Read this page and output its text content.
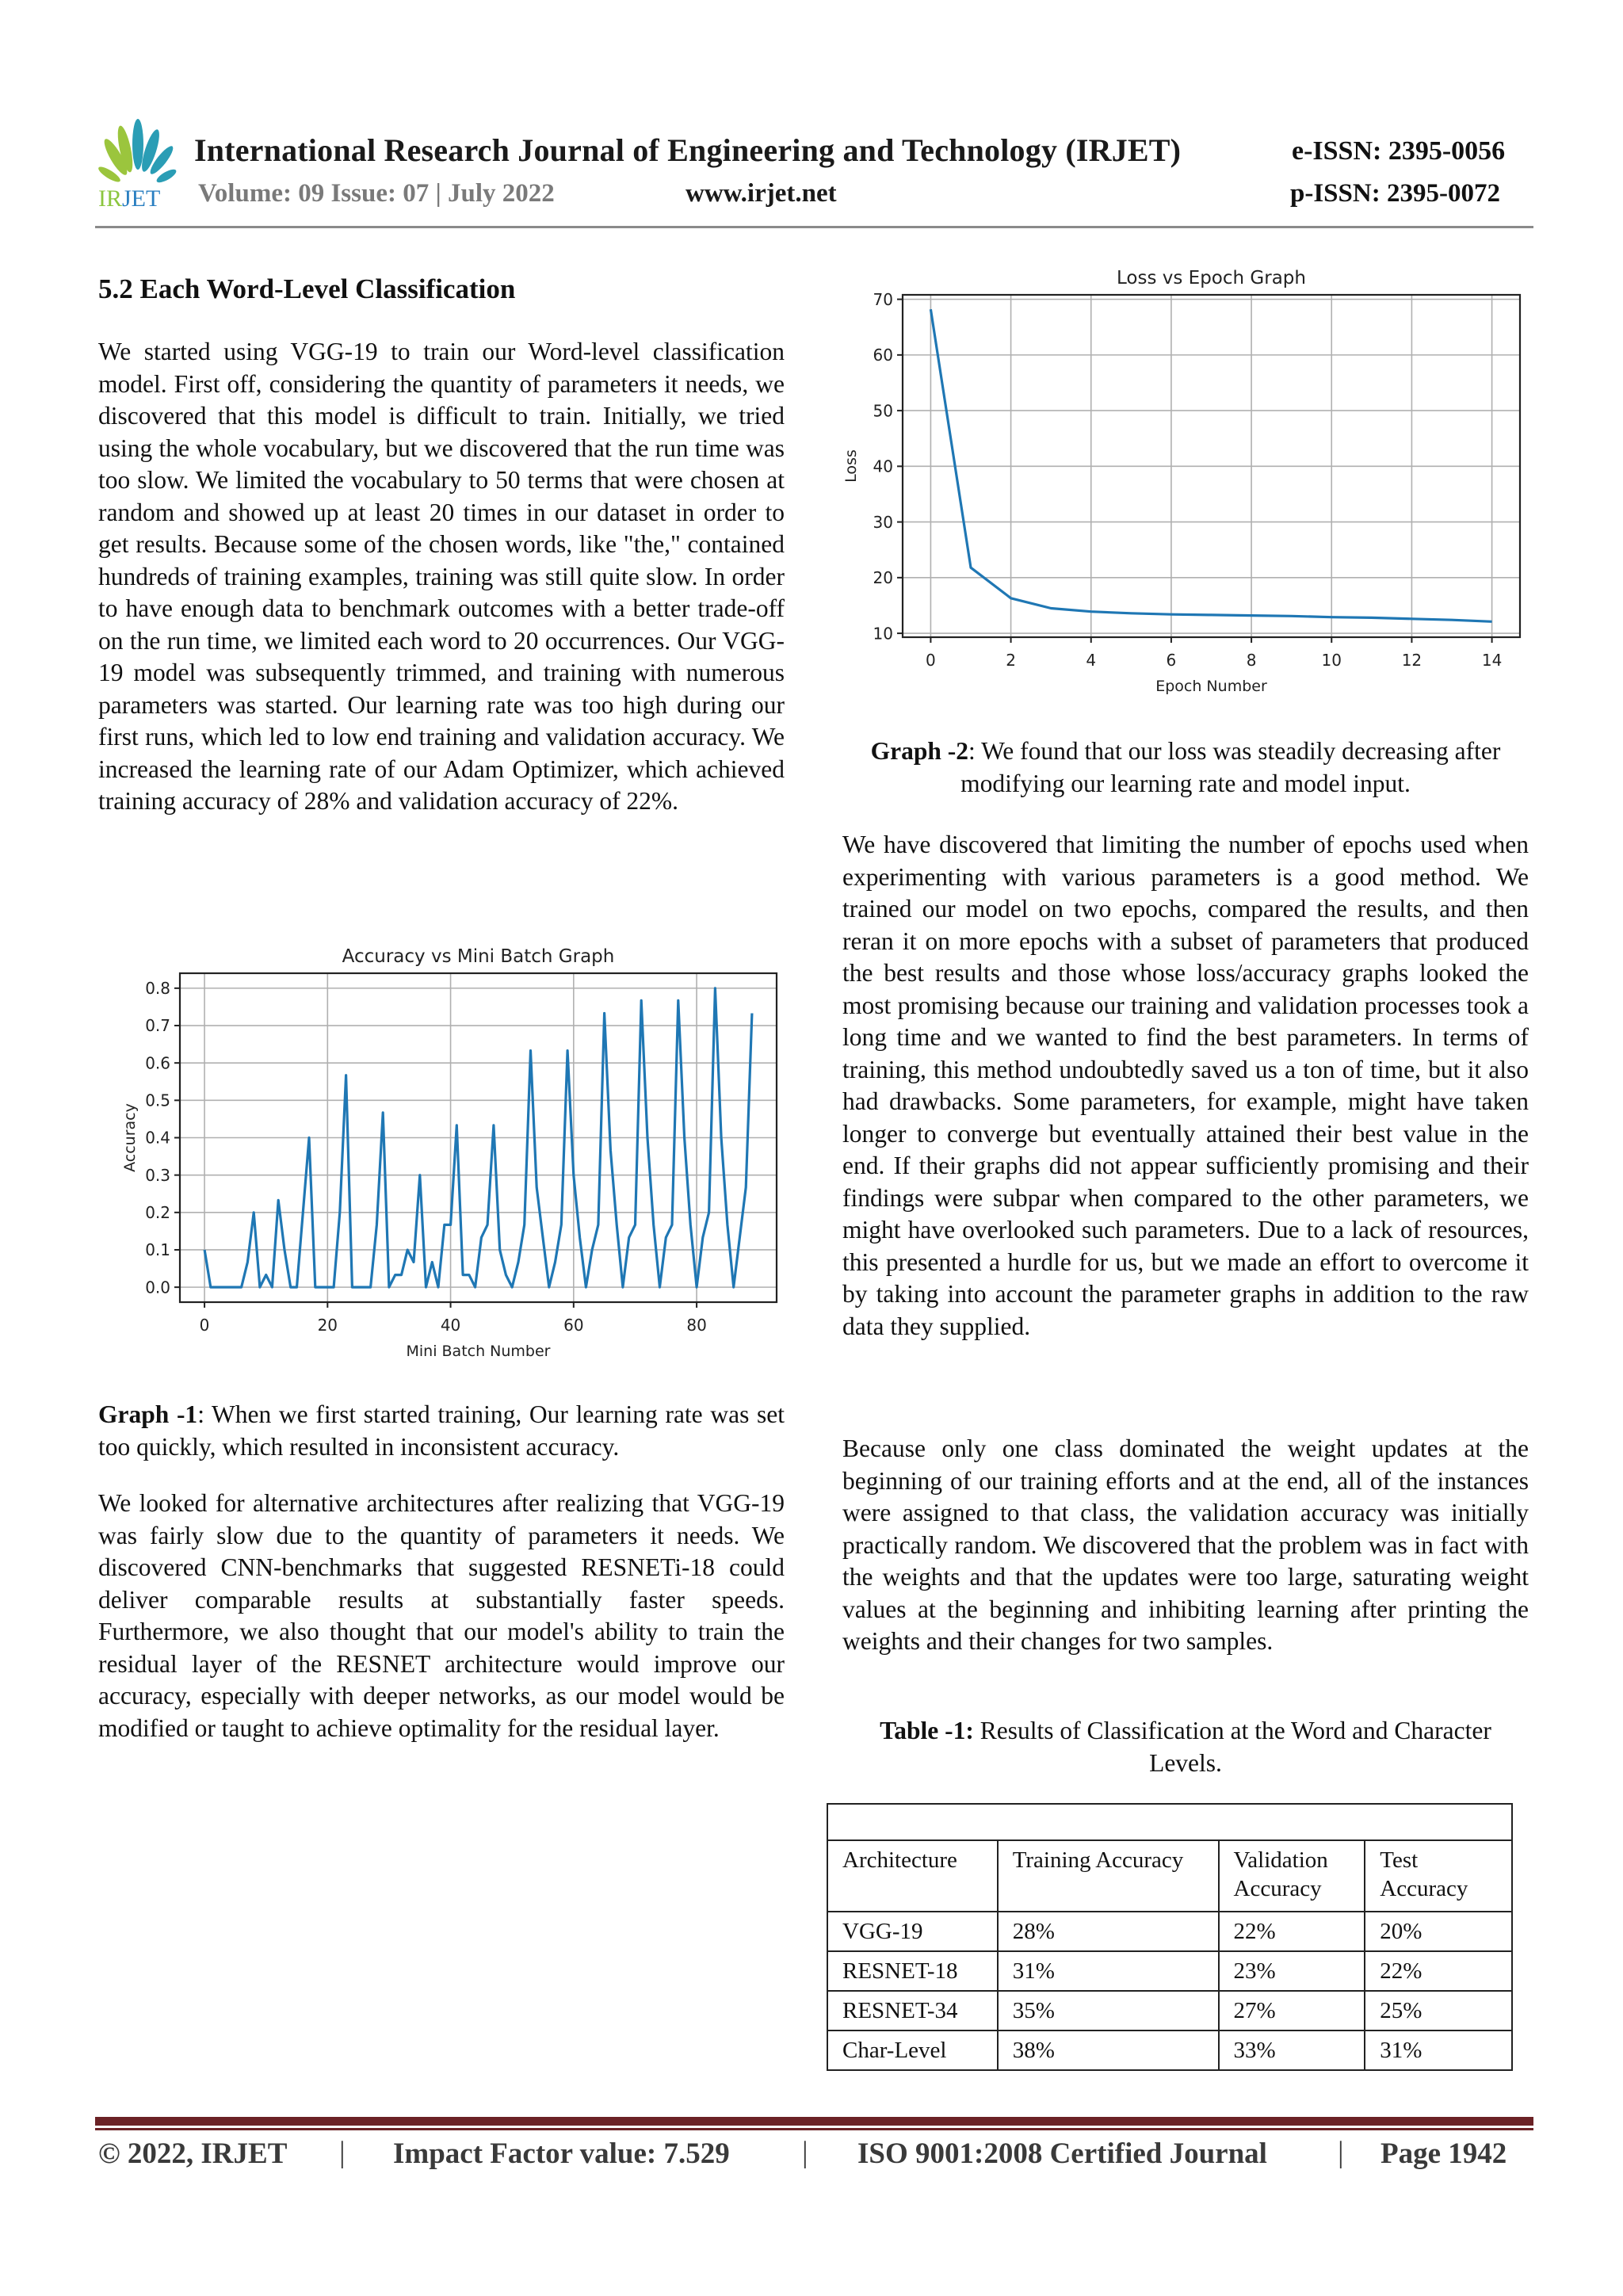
IRJET
International Research Journal of Engineering and Technology (IRJET)	e-ISSN: 2395-0056
Volume: 09 Issue: 07 | July 2022	www.irjet.net	p-ISSN: 2395-0072
5.2 Each Word-Level Classification

We started using VGG-19 to train our Word-level classification model. First off, considering the quantity of parameters it needs, we discovered that this model is difficult to train. Initially, we tried using the whole vocabulary, but we discovered that the run time was too slow. We limited the vocabulary to 50 terms that were chosen at random and showed up at least 20 times in our dataset in order to get results. Because some of the chosen words, like "the," contained hundreds of training examples, training was still quite slow. In order to have enough data to benchmark outcomes with a better trade-off on the run time, we limited each word to 20 occurrences. Our VGG-19 model was subsequently trimmed, and training with numerous parameters was started. Our learning rate was too high during our first runs, which led to low end training and validation accuracy. We increased the learning rate of our Adam Optimizer, which achieved training accuracy of 28% and validation accuracy of 22%.

0	20	40	60	80
0.0
0.1
0.2
0.3
0.4
0.5
0.6
0.7
0.8
Accuracy vs Mini Batch Graph
Mini Batch Number
Accuracy

Graph -1: When we first started training, Our learning rate was set too quickly, which resulted in inconsistent accuracy.

We looked for alternative architectures after realizing that VGG-19 was fairly slow due to the quantity of parameters it needs. We discovered CNN-benchmarks that suggested RESNETi-18 could deliver comparable results at substantially faster speeds. Furthermore, we also thought that our model's ability to train the residual layer of the RESNET architecture would improve our accuracy, especially with deeper networks, as our model would be modified or taught to achieve optimality for the residual layer.

0	2	4	6	8	10	12	14
10
20
30
40
50
60
70
Loss vs Epoch Graph
Epoch Number
Loss

Graph -2: We found that our loss was steadily decreasing after modifying our learning rate and model input.

We have discovered that limiting the number of epochs used when experimenting with various parameters is a good method. We trained our model on two epochs, compared the results, and then reran it on more epochs with a subset of parameters that produced the best results and those whose loss/accuracy graphs looked the most promising because our training and validation processes took a long time and we wanted to find the best parameters. In terms of training, this method undoubtedly saved us a ton of time, but it also had drawbacks. Some parameters, for example, might have taken longer to converge but eventually attained their best value in the end. If their graphs did not appear sufficiently promising and their findings were subpar when compared to the other parameters, we might have overlooked such parameters. Due to a lack of resources, this presented a hurdle for us, but we made an effort to overcome it by taking into account the parameter graphs in addition to the raw data they supplied.

Because only one class dominated the weight updates at the beginning of our training efforts and at the end, all of the instances were assigned to that class, the validation accuracy was initially practically random. We discovered that the problem was in fact with the weights and that the updates were too large, saturating weight values at the beginning and inhibiting learning after printing the weights and their changes for two samples.

Table -1: Results of Classification at the Word and Character Levels.

Architecture	Training Accuracy	Validation Accuracy	Test Accuracy
VGG-19	28%	22%	20%
RESNET-18	31%	23%	22%
RESNET-34	35%	27%	25%
Char-Level	38%	33%	31%
© 2022, IRJET | Impact Factor value: 7.529 | ISO 9001:2008 Certified Journal | Page 1942
